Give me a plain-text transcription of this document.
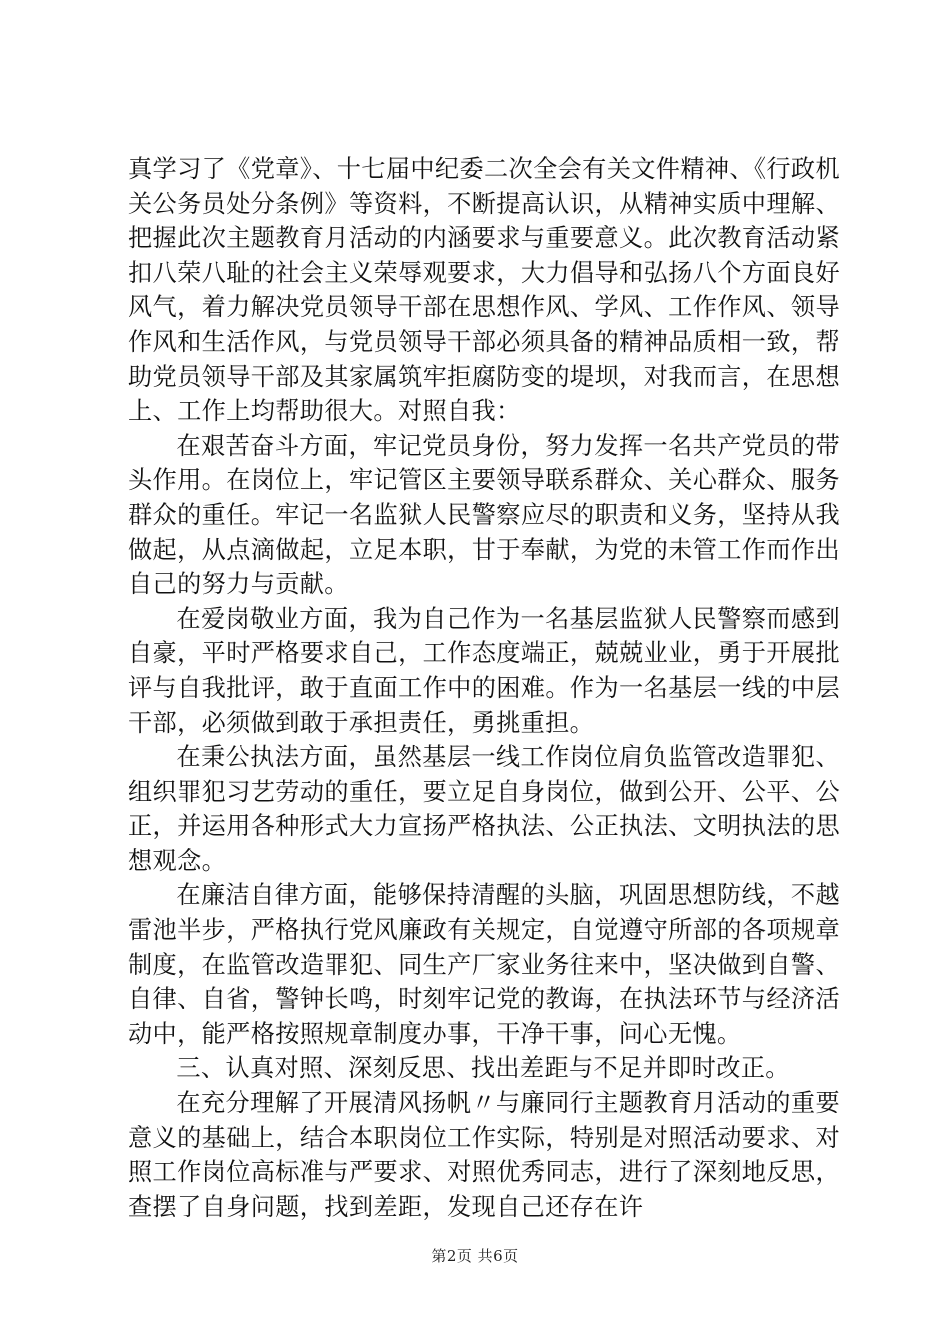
真学习了《党章》、十七届中纪委二次全会有关文件精神、《行政机关公务员处分条例》等资料，不断提高认识，从精神实质中理解、把握此次主题教育月活动的内涵要求与重要意义。此次教育活动紧扣八荣八耻的社会主义荣辱观要求，大力倡导和弘扬八个方面良好风气，着力解决党员领导干部在思想作风、学风、工作作风、领导作风和生活作风，与党员领导干部必须具备的精神品质相一致，帮助党员领导干部及其家属筑牢拒腐防变的堤坝，对我而言，在思想上、工作上均帮助很大。对照自我：

在艰苦奋斗方面，牢记党员身份，努力发挥一名共产党员的带头作用。在岗位上，牢记管区主要领导联系群众、关心群众、服务群众的重任。牢记一名监狱人民警察应尽的职责和义务，坚持从我做起，从点滴做起，立足本职，甘于奉献，为党的未管工作而作出自己的努力与贡献。

在爱岗敬业方面，我为自己作为一名基层监狱人民警察而感到自豪，平时严格要求自己，工作态度端正，兢兢业业，勇于开展批评与自我批评，敢于直面工作中的困难。作为一名基层一线的中层干部，必须做到敢于承担责任，勇挑重担。

在秉公执法方面，虽然基层一线工作岗位肩负监管改造罪犯、组织罪犯习艺劳动的重任，要立足自身岗位，做到公开、公平、公正，并运用各种形式大力宣扬严格执法、公正执法、文明执法的思想观念。

在廉洁自律方面，能够保持清醒的头脑，巩固思想防线，不越雷池半步，严格执行党风廉政有关规定，自觉遵守所部的各项规章制度，在监管改造罪犯、同生产厂家业务往来中，坚决做到自警、自律、自省，警钟长鸣，时刻牢记党的教诲，在执法环节与经济活动中，能严格按照规章制度办事，干净干事，问心无愧。

三、认真对照、深刻反思、找出差距与不足并即时改正。

在充分理解了开展清风扬帆〃与廉同行主题教育月活动的重要意义的基础上，结合本职岗位工作实际，特别是对照活动要求、对照工作岗位高标准与严要求、对照优秀同志，进行了深刻地反思，查摆了自身问题，找到差距，发现自己还存在许

第2页 共6页
